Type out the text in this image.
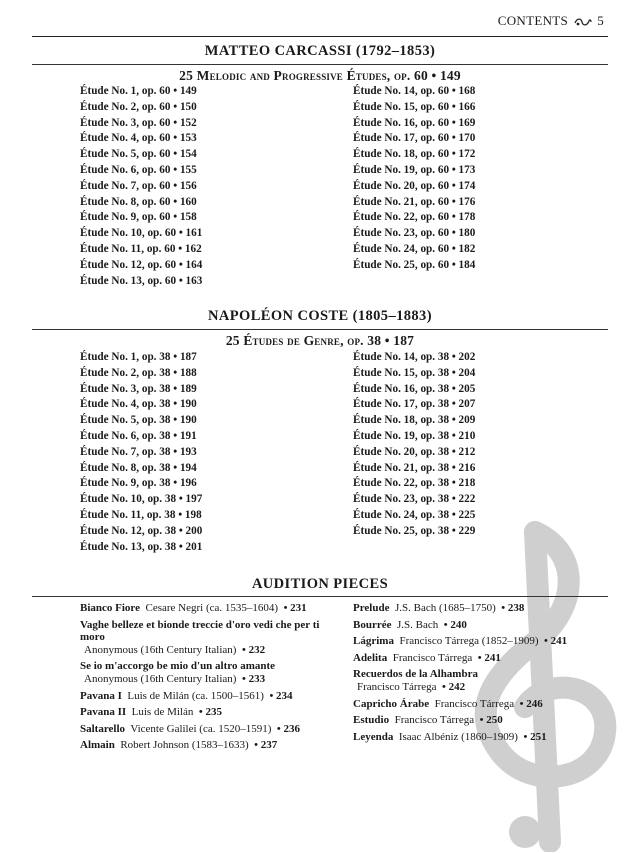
CONTENTS 5
MATTEO CARCASSI (1792–1853)
25 Melodic and Progressive Études, op. 60 • 149
Étude No. 1, op. 60 • 149
Étude No. 2, op. 60 • 150
Étude No. 3, op. 60 • 152
Étude No. 4, op. 60 • 153
Étude No. 5, op. 60 • 154
Étude No. 6, op. 60 • 155
Étude No. 7, op. 60 • 156
Étude No. 8, op. 60 • 160
Étude No. 9, op. 60 • 158
Étude No. 10, op. 60 • 161
Étude No. 11, op. 60 • 162
Étude No. 12, op. 60 • 164
Étude No. 13, op. 60 • 163
Étude No. 14, op. 60 • 168
Étude No. 15, op. 60 • 166
Étude No. 16, op. 60 • 169
Étude No. 17, op. 60 • 170
Étude No. 18, op. 60 • 172
Étude No. 19, op. 60 • 173
Étude No. 20, op. 60 • 174
Étude No. 21, op. 60 • 176
Étude No. 22, op. 60 • 178
Étude No. 23, op. 60 • 180
Étude No. 24, op. 60 • 182
Étude No. 25, op. 60 • 184
NAPOLÉON COSTE (1805–1883)
25 Études de Genre, op. 38 • 187
Étude No. 1, op. 38 • 187
Étude No. 2, op. 38 • 188
Étude No. 3, op. 38 • 189
Étude No. 4, op. 38 • 190
Étude No. 5, op. 38 • 190
Étude No. 6, op. 38 • 191
Étude No. 7, op. 38 • 193
Étude No. 8, op. 38 • 194
Étude No. 9, op. 38 • 196
Étude No. 10, op. 38 • 197
Étude No. 11, op. 38 • 198
Étude No. 12, op. 38 • 200
Étude No. 13, op. 38 • 201
Étude No. 14, op. 38 • 202
Étude No. 15, op. 38 • 204
Étude No. 16, op. 38 • 205
Étude No. 17, op. 38 • 207
Étude No. 18, op. 38 • 209
Étude No. 19, op. 38 • 210
Étude No. 20, op. 38 • 212
Étude No. 21, op. 38 • 216
Étude No. 22, op. 38 • 218
Étude No. 23, op. 38 • 222
Étude No. 24, op. 38 • 225
Étude No. 25, op. 38 • 229
AUDITION PIECES
Bianco Fiore Cesare Negri (ca. 1535–1604) • 231
Vaghe belleze et bionde treccie d'oro vedi che per ti moro
Anonymous (16th Century Italian) • 232
Se io m'accorgo be mio d'un altro amante
Anonymous (16th Century Italian) • 233
Pavana I Luis de Milán (ca. 1500–1561) • 234
Pavana II Luis de Milán • 235
Saltarello Vicente Galilei (ca. 1520–1591) • 236
Almain Robert Johnson (1583–1633) • 237
Prelude J.S. Bach (1685–1750) • 238
Bourrée J.S. Bach • 240
Lágrima Francisco Tárrega (1852–1909) • 241
Adelita Francisco Tárrega • 241
Recuerdos de la Alhambra
Francisco Tárrega • 242
Capricho Árabe Francisco Tárrega • 246
Estudio Francisco Tárrega • 250
Leyenda Isaac Albéniz (1860–1909) • 251
